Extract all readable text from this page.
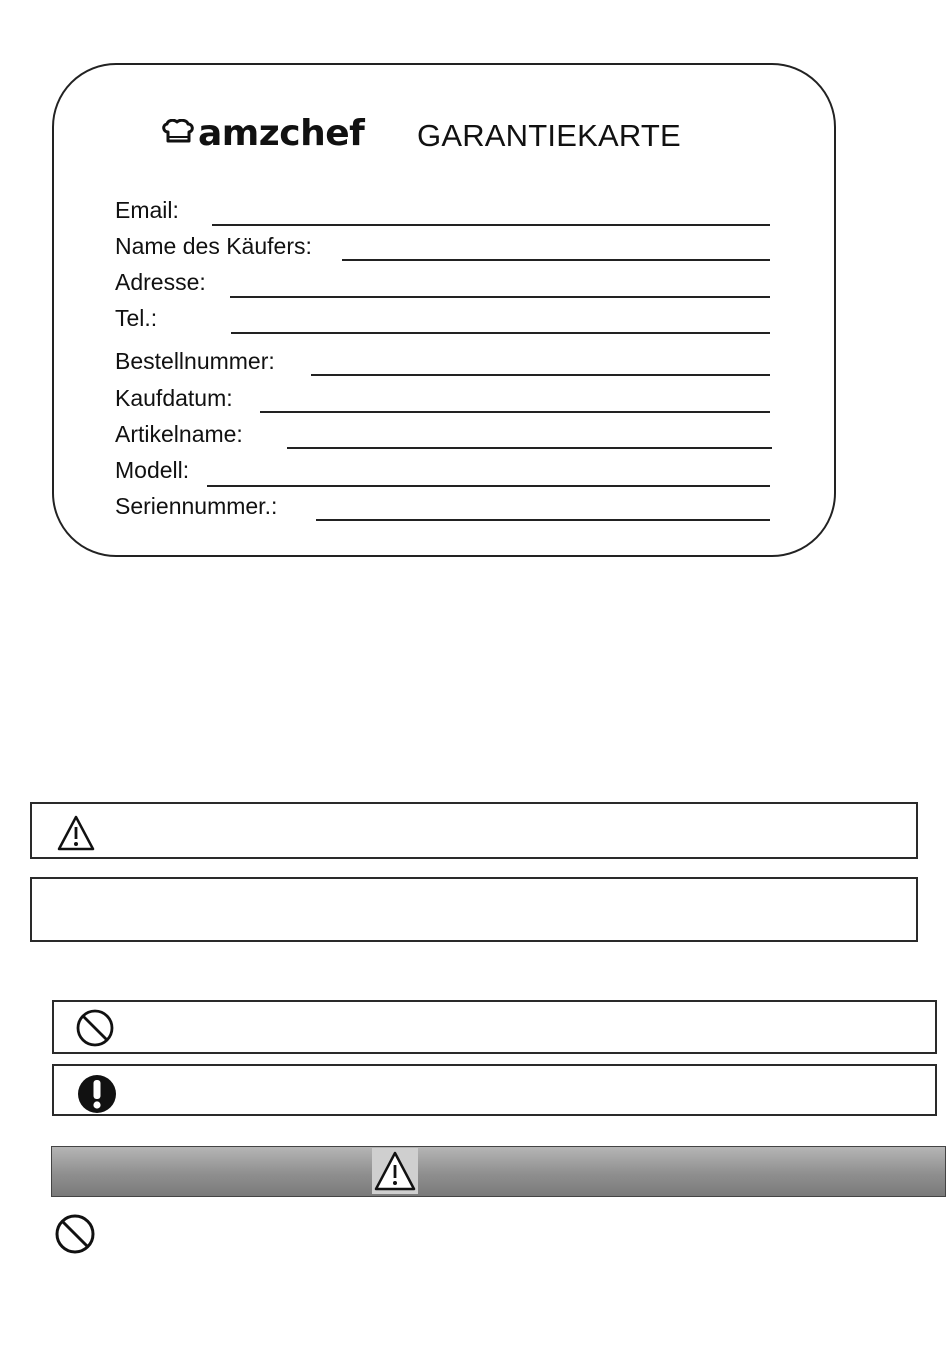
amzchef GARANTIEKARTE
Email:
Name des Käufers:
Adresse:
Tel.:
Bestellnummer:
Kaufdatum:
Artikelname:
Modell:
Seriennummer.:
